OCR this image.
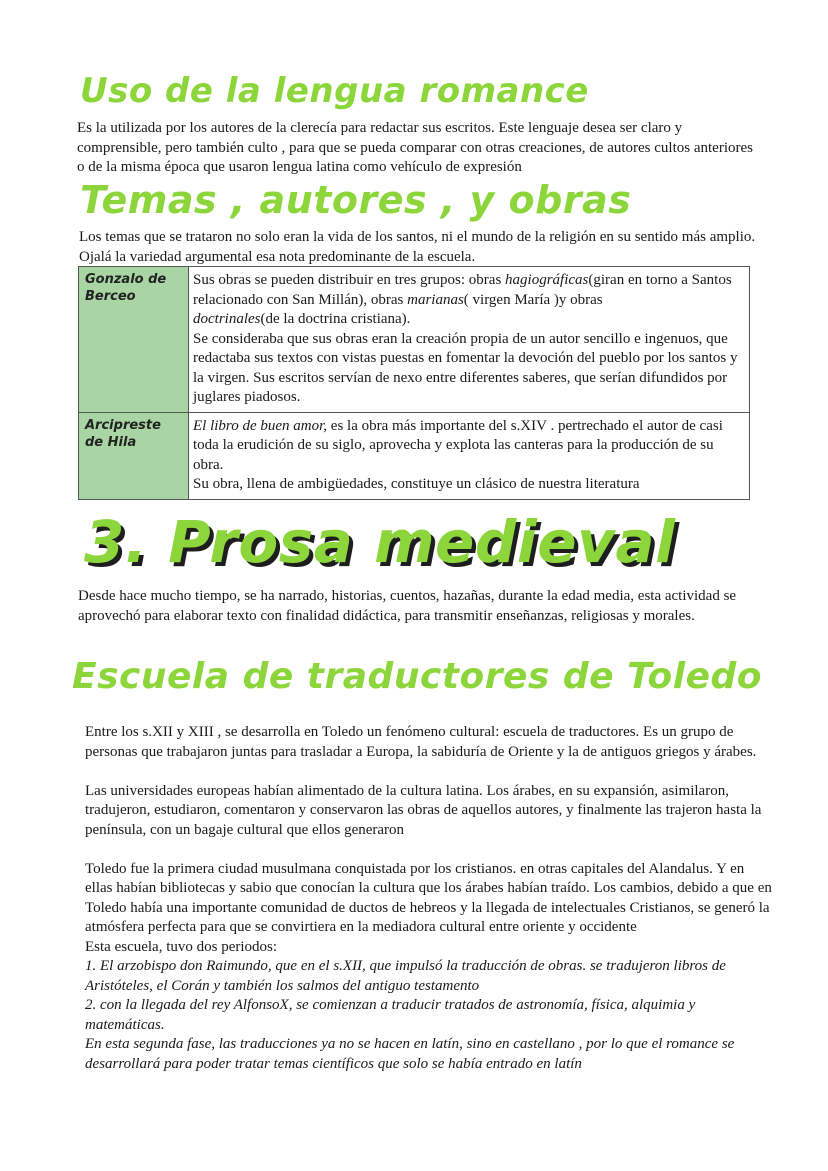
Uso de la lengua romance

Es la utilizada por los autores de la clerecía para redactar sus escritos. Este lenguaje desea ser claro y comprensible, pero también culto , para que se pueda comparar con otras creaciones, de autores cultos anteriores o de la misma época que usaron lengua latina como vehículo de expresión

Temas , autores , y obras

Los temas que se trataron no solo eran la vida de los santos, ni el mundo de la religión en su sentido más amplio. Ojalá la variedad argumental esa nota predominante de la escuela.

Gonzalo de Berceo	Sus obras se pueden distribuir en tres grupos: obras hagiográficas(giran en torno a Santos relacionado con San Millán), obras marianas( virgen María )y obras
doctrinales(de la doctrina cristiana).
Se consideraba que sus obras eran la creación propia de un autor sencillo e ingenuos, que redactaba sus textos con vistas puestas en fomentar la devoción del pueblo por los santos y la virgen. Sus escritos servían de nexo entre diferentes saberes, que serían difundidos por juglares piadosos.
Arcipreste de Hila	El libro de buen amor, es la obra más importante del s.XIV . pertrechado el autor de casi toda la erudición de su siglo, aprovecha y explota las canteras para la producción de su obra.
Su obra, llena de ambigüedades, constituye un clásico de nuestra literatura
3. Prosa medieval

Desde hace mucho tiempo, se ha narrado, historias, cuentos, hazañas, durante la edad media, esta actividad se aprovechó para elaborar texto con finalidad didáctica, para transmitir enseñanzas, religiosas y morales.

Escuela de traductores de Toledo
Entre los s.XII y XIII , se desarrolla en Toledo un fenómeno cultural: escuela de traductores. Es un grupo de personas que trabajaron juntas para trasladar a Europa, la sabiduría de Oriente y la de antiguos griegos y árabes.
Las universidades europeas habían alimentado de la cultura latina. Los árabes, en su expansión, asimilaron, tradujeron, estudiaron, comentaron y conservaron las obras de aquellos autores, y finalmente las trajeron hasta la península, con un bagaje cultural que ellos generaron
Toledo fue la primera ciudad musulmana conquistada por los cristianos. en otras capitales del Alandalus. Y en ellas habían bibliotecas y sabio que conocían la cultura que los árabes habían traído. Los cambios, debido a que en Toledo había una importante comunidad de ductos de hebreos y la llegada de intelectuales Cristianos, se generó la atmósfera perfecta para que se convirtiera en la mediadora cultural entre oriente y occidente
Esta escuela, tuvo dos periodos:
1. El arzobispo don Raimundo, que en el s.XII, que impulsó la traducción de obras. se tradujeron libros de Aristóteles, el Corán y también los salmos del antiguo testamento
2. con la llegada del rey AlfonsoX, se comienzan a traducir tratados de astronomía, física, alquimia y matemáticas.
En esta segunda fase, las traducciones ya no se hacen en latín, sino en castellano , por lo que el romance se desarrollará para poder tratar temas científicos que solo se había entrado en latín
